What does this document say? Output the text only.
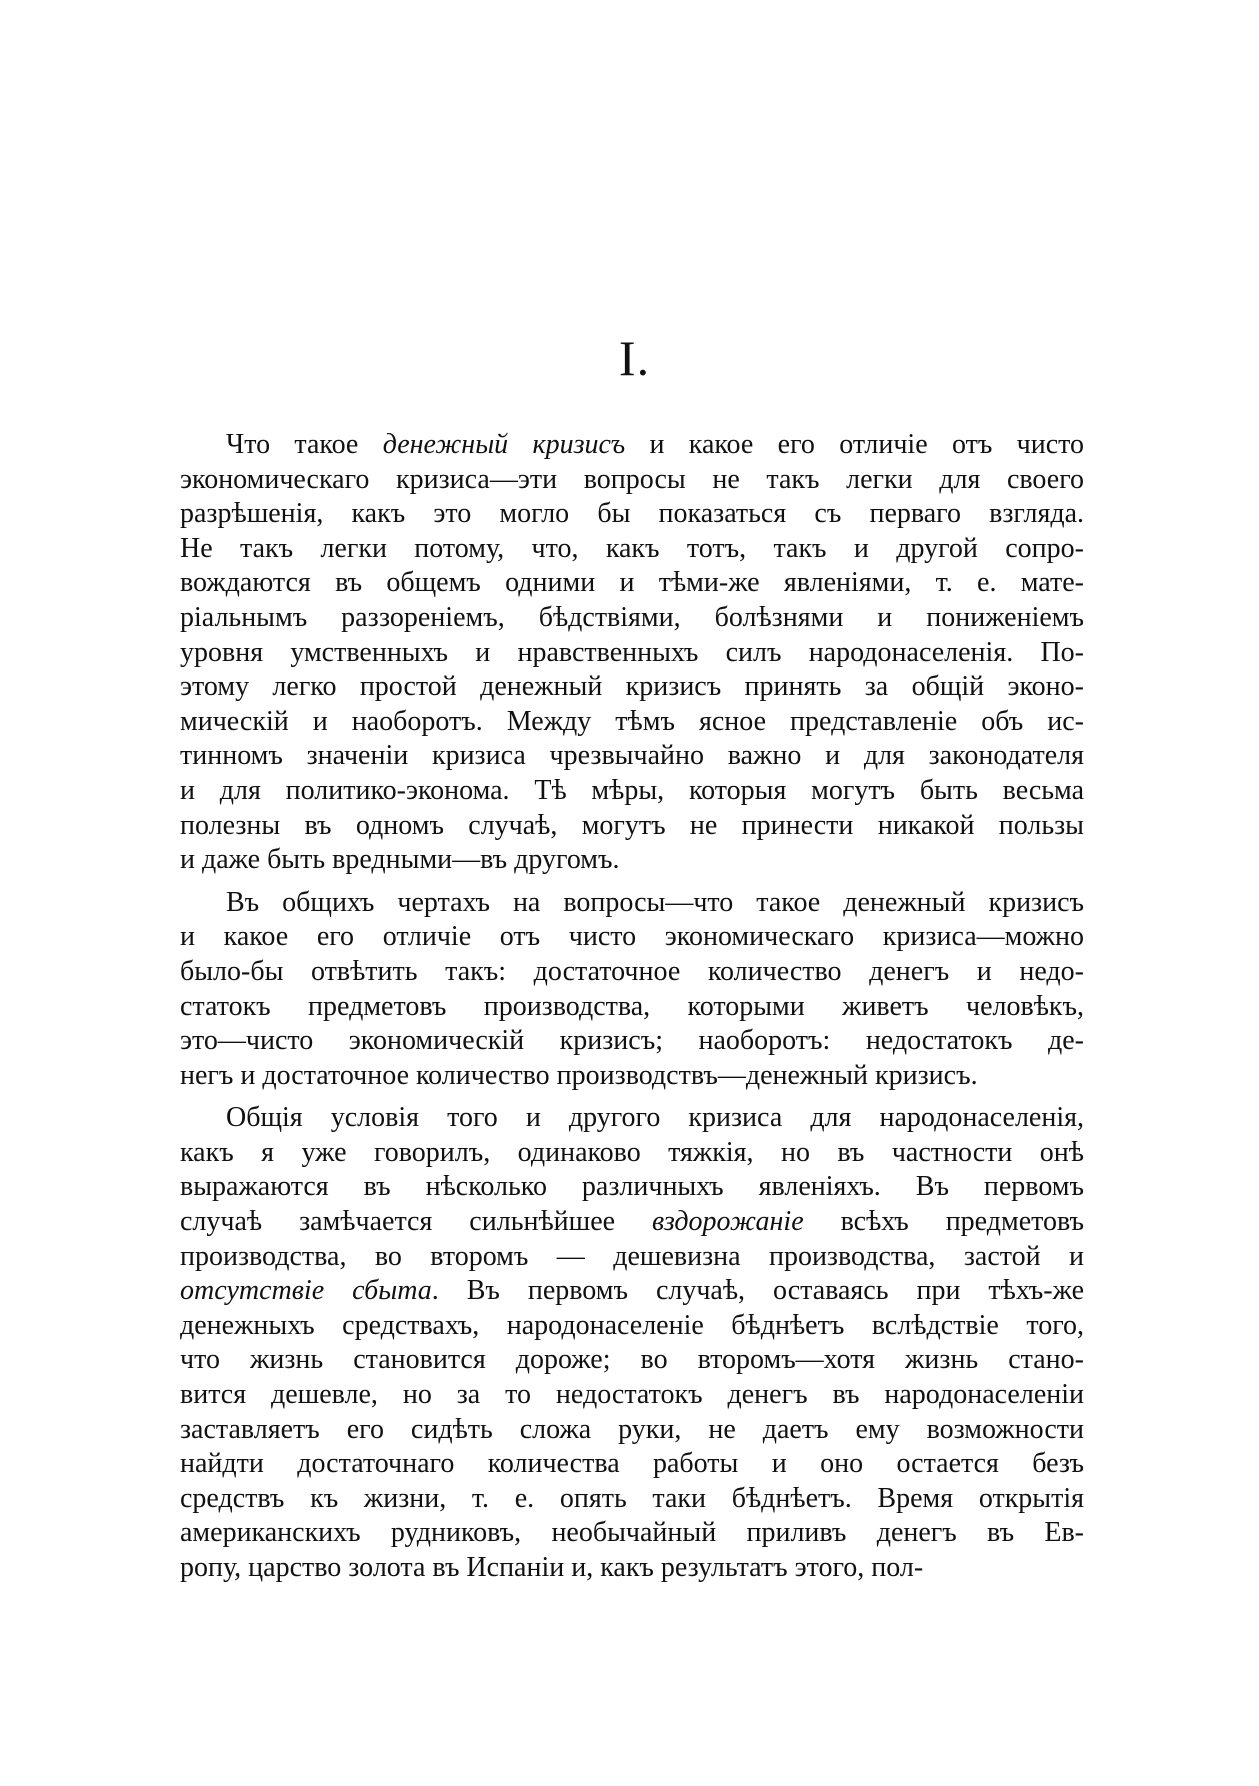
I.
Что такое денежный кризисъ и какое его отличіе отъ чисто
экономическаго кризиса—эти вопросы не такъ легки для своего
разрѣшенія, какъ это могло бы показаться съ перваго взгляда.
Не такъ легки потому, что, какъ тотъ, такъ и другой сопро-
вождаются въ общемъ одними и тѣми-же явленіями, т. е. мате-
ріальнымъ раззореніемъ, бѣдствіями, болѣзнями и пониженіемъ
уровня умственныхъ и нравственныхъ силъ народонаселенія. По-
этому легко простой денежный кризисъ принять за общій эконо-
мическій и наоборотъ. Между тѣмъ ясное представленіе объ ис-
тинномъ значеніи кризиса чрезвычайно важно и для законодателя
и для политико-эконома. Тѣ мѣры, которыя могутъ быть весьма
полезны въ одномъ случаѣ, могутъ не принести никакой пользы
и даже быть вредными—въ другомъ.
Въ общихъ чертахъ на вопросы—что такое денежный кризисъ
и какое его отличіе отъ чисто экономическаго кризиса—можно
было-бы отвѣтить такъ: достаточное количество денегъ и недо-
статокъ предметовъ производства, которыми живетъ человѣкъ,
это—чисто экономическій кризисъ; наоборотъ: недостатокъ де-
негъ и достаточное количество производствъ—денежный кризисъ.
Общія условія того и другого кризиса для народонаселенія,
какъ я уже говорилъ, одинаково тяжкія, но въ частности онѣ
выражаются въ нѣсколько различныхъ явленіяхъ. Въ первомъ
случаѣ замѣчается сильнѣйшее вздорожаніе всѣхъ предметовъ
производства, во второмъ — дешевизна производства, застой и
отсутствіе сбыта. Въ первомъ случаѣ, оставаясь при тѣхъ-же
денежныхъ средствахъ, народонаселеніе бѣднѣетъ вслѣдствіе того,
что жизнь становится дороже; во второмъ—хотя жизнь стано-
вится дешевле, но за то недостатокъ денегъ въ народонаселеніи
заставляетъ его сидѣть сложа руки, не даетъ ему возможности
найдти достаточнаго количества работы и оно остается безъ
средствъ къ жизни, т. е. опять таки бѣднѣетъ. Время открытія
американскихъ рудниковъ, необычайный приливъ денегъ въ Ев-
ропу, царство золота въ Испаніи и, какъ результатъ этого, пол-
